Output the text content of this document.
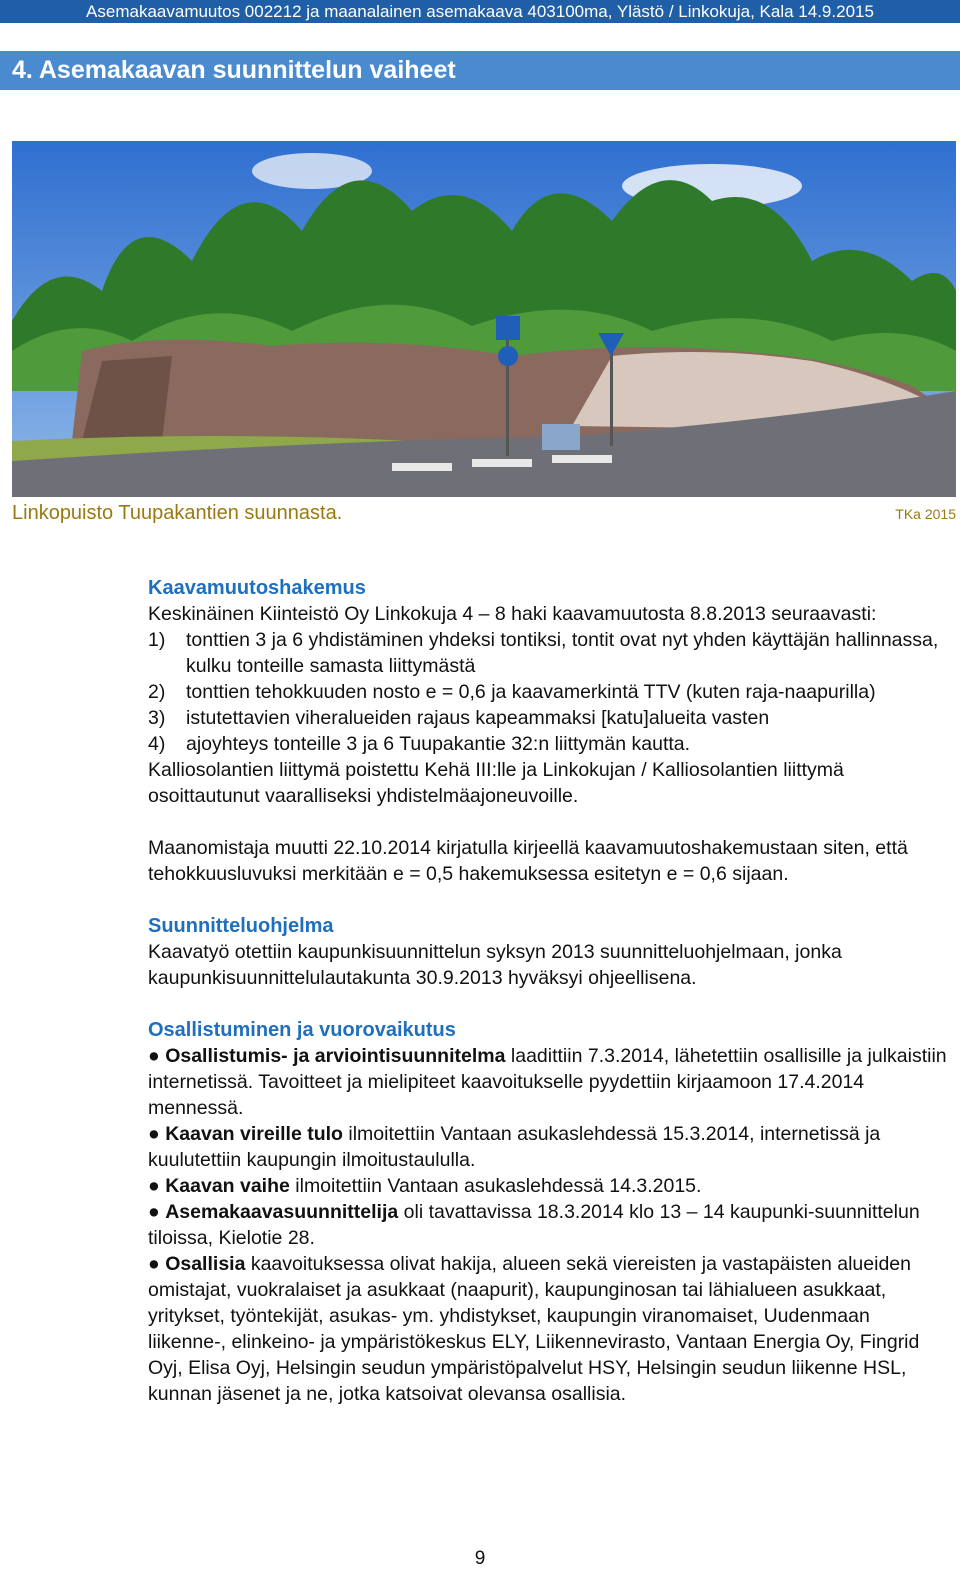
Asemakaavamuutos 002212 ja maanalainen asemakaava 403100ma, Ylästö / Linkokuja, Kala 14.9.2015
4. Asemakaavan suunnittelun vaiheet
Linkopuisto Tuupakantien suunnasta.	TKa 2015
Kaavamuutoshakemus

Keskinäinen Kiinteistö Oy Linkokuja 4 – 8 haki kaavamuutosta 8.8.2013 seuraavasti:

1) tonttien 3 ja 6 yhdistäminen yhdeksi tontiksi, tontit ovat nyt yhden käyttäjän hallinnassa, kulku tonteille samasta liittymästä
2) tonttien tehokkuuden nosto e = 0,6 ja kaavamerkintä TTV (kuten raja-naapurilla)
3) istutettavien viheralueiden rajaus kapeammaksi [katu]alueita vasten
4) ajoyhteys tonteille 3 ja 6 Tuupakantie 32:n liittymän kautta.

Kalliosolantien liittymä poistettu Kehä III:lle ja Linkokujan / Kalliosolantien liittymä osoittautunut vaaralliseksi yhdistelmäajoneuvoille.

Maanomistaja muutti 22.10.2014 kirjatulla kirjeellä kaavamuutoshakemustaan siten, että tehokkuusluvuksi merkitään e = 0,5 hakemuksessa esitetyn e = 0,6 sijaan.

Suunnitteluohjelma

Kaavatyö otettiin kaupunkisuunnittelun syksyn 2013 suunnitteluohjelmaan, jonka kaupunkisuunnittelulautakunta 30.9.2013 hyväksyi ohjeellisena.

Osallistuminen ja vuorovaikutus

● Osallistumis- ja arviointisuunnitelma laadittiin 7.3.2014, lähetettiin osallisille ja julkaistiin internetissä. Tavoitteet ja mielipiteet kaavoitukselle pyydettiin kirjaamoon 17.4.2014 mennessä.

● Kaavan vireille tulo ilmoitettiin Vantaan asukaslehdessä 15.3.2014, internetissä ja kuulutettiin kaupungin ilmoitustaululla.

● Kaavan vaihe ilmoitettiin Vantaan asukaslehdessä 14.3.2015.

● Asemakaavasuunnittelija oli tavattavissa 18.3.2014 klo 13 – 14 kaupunki-suunnittelun tiloissa, Kielotie 28.

● Osallisia kaavoituksessa olivat hakija, alueen sekä viereisten ja vastapäisten alueiden omistajat, vuokralaiset ja asukkaat (naapurit), kaupunginosan tai lähialueen asukkaat, yritykset, työntekijät, asukas- ym. yhdistykset, kaupungin viranomaiset, Uudenmaan liikenne-, elinkeino- ja ympäristökeskus ELY, Liikennevirasto, Vantaan Energia Oy, Fingrid Oyj, Elisa Oyj, Helsingin seudun ympäristöpalvelut HSY, Helsingin seudun liikenne HSL, kunnan jäsenet ja ne, jotka katsoivat olevansa osallisia.

9
